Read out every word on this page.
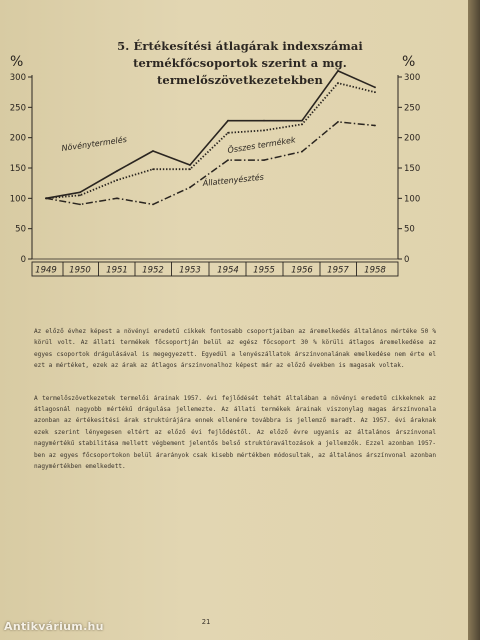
5. Értékesítési átlagárak indexszámai
termékfőcsoportok szerint a mg. termelőszövetkezetekben
%	%
0	0
50	50
100	100
150	150
200	200
250	250
300	300
1949 1950 1951 1952 1953 1954 1955 1956 1957 1958
Növénytermelés	Összes termékek
Állattenyésztés

Az előző évhez képest a növényi eredetű cikkek fontosabb csoportjaiban az áremelkedés általános mértéke 50 % körül volt. Az állati termékek főcsoportján belül az egész főcsoport 30 % körüli átlagos áremelkedése az egyes csoportok drágulásával is megegyezett. Egyedül a lenyészállatok árszínvonalának emelkedése nem érte el ezt a mértéket, ezek az árak az átlagos árszínvonalhoz képest már az előző években is magasak voltak.

A termelőszövetkezetek termelői árainak 1957. évi fejlődését tehát általában a növényi eredetű cikkeknek az átlagosnál nagyobb mértékű drágulása jellemezte. Az állati termékek árainak viszonylag magas árszínvonala azonban az értékesítési árak struktúrájára ennek ellenére továbbra is jellemző maradt. Az 1957. évi áraknak ezek szerint lényegesen eltért az előző évi fejlődéstől. Az előző évre ugyanis az általános árszínvonal nagymértékű stabilitása mellett végbement jelentős belső struktúraváltozások a jellemzők. Ezzel azonban 1957-ben az egyes főcsoportokon belül árarányok csak kisebb mértékben módosultak, az általános árszínvonal azonban nagymértékben emelkedett.

21
Antikvárium.hu
